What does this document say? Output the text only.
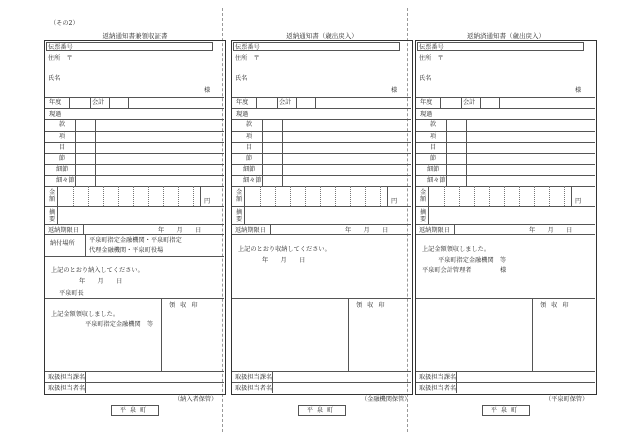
（その2）
返納通知書兼領収証書
伝票番号
住所　〒
氏名
様
年度	会計
現過
款
項
目
節
細節
細々節
金額	円
摘要
返納期限日	年　　月　　日
納付場所 平泉町指定金融機関・平泉町指定
代理金融機関・平泉町役場
上記のとおり納入してください。
年　　月　　日
平泉町長
上記金額領収しました。
平泉町指定金融機関　等
領収印
取扱担当課名
取扱担当者名
（納入者保管）
平泉町
返納通知書（歳出戻入）
伝票番号
住所　〒
氏名
様
年度	会計
現過
款
項
目
節
細節
細々節
金額	円
摘要
返納期限日	年　　月　　日
上記のとおり収納してください。
年　　月　　日
領収印
取扱担当課名
取扱担当者名
（金融機関保管）
平泉町
返納済通知書（歳出戻入）
伝票番号
住所　〒
氏名
様
年度	会計
現過
款
項
目
節
細節
細々節
金額	円
摘要
返納期限日	年　　月　　日
上記金額領収しました。
平泉町指定金融機関　等
平泉町会計管理者	様
領収印
取扱担当課名
取扱担当者名
（平泉町保管）
平泉町
